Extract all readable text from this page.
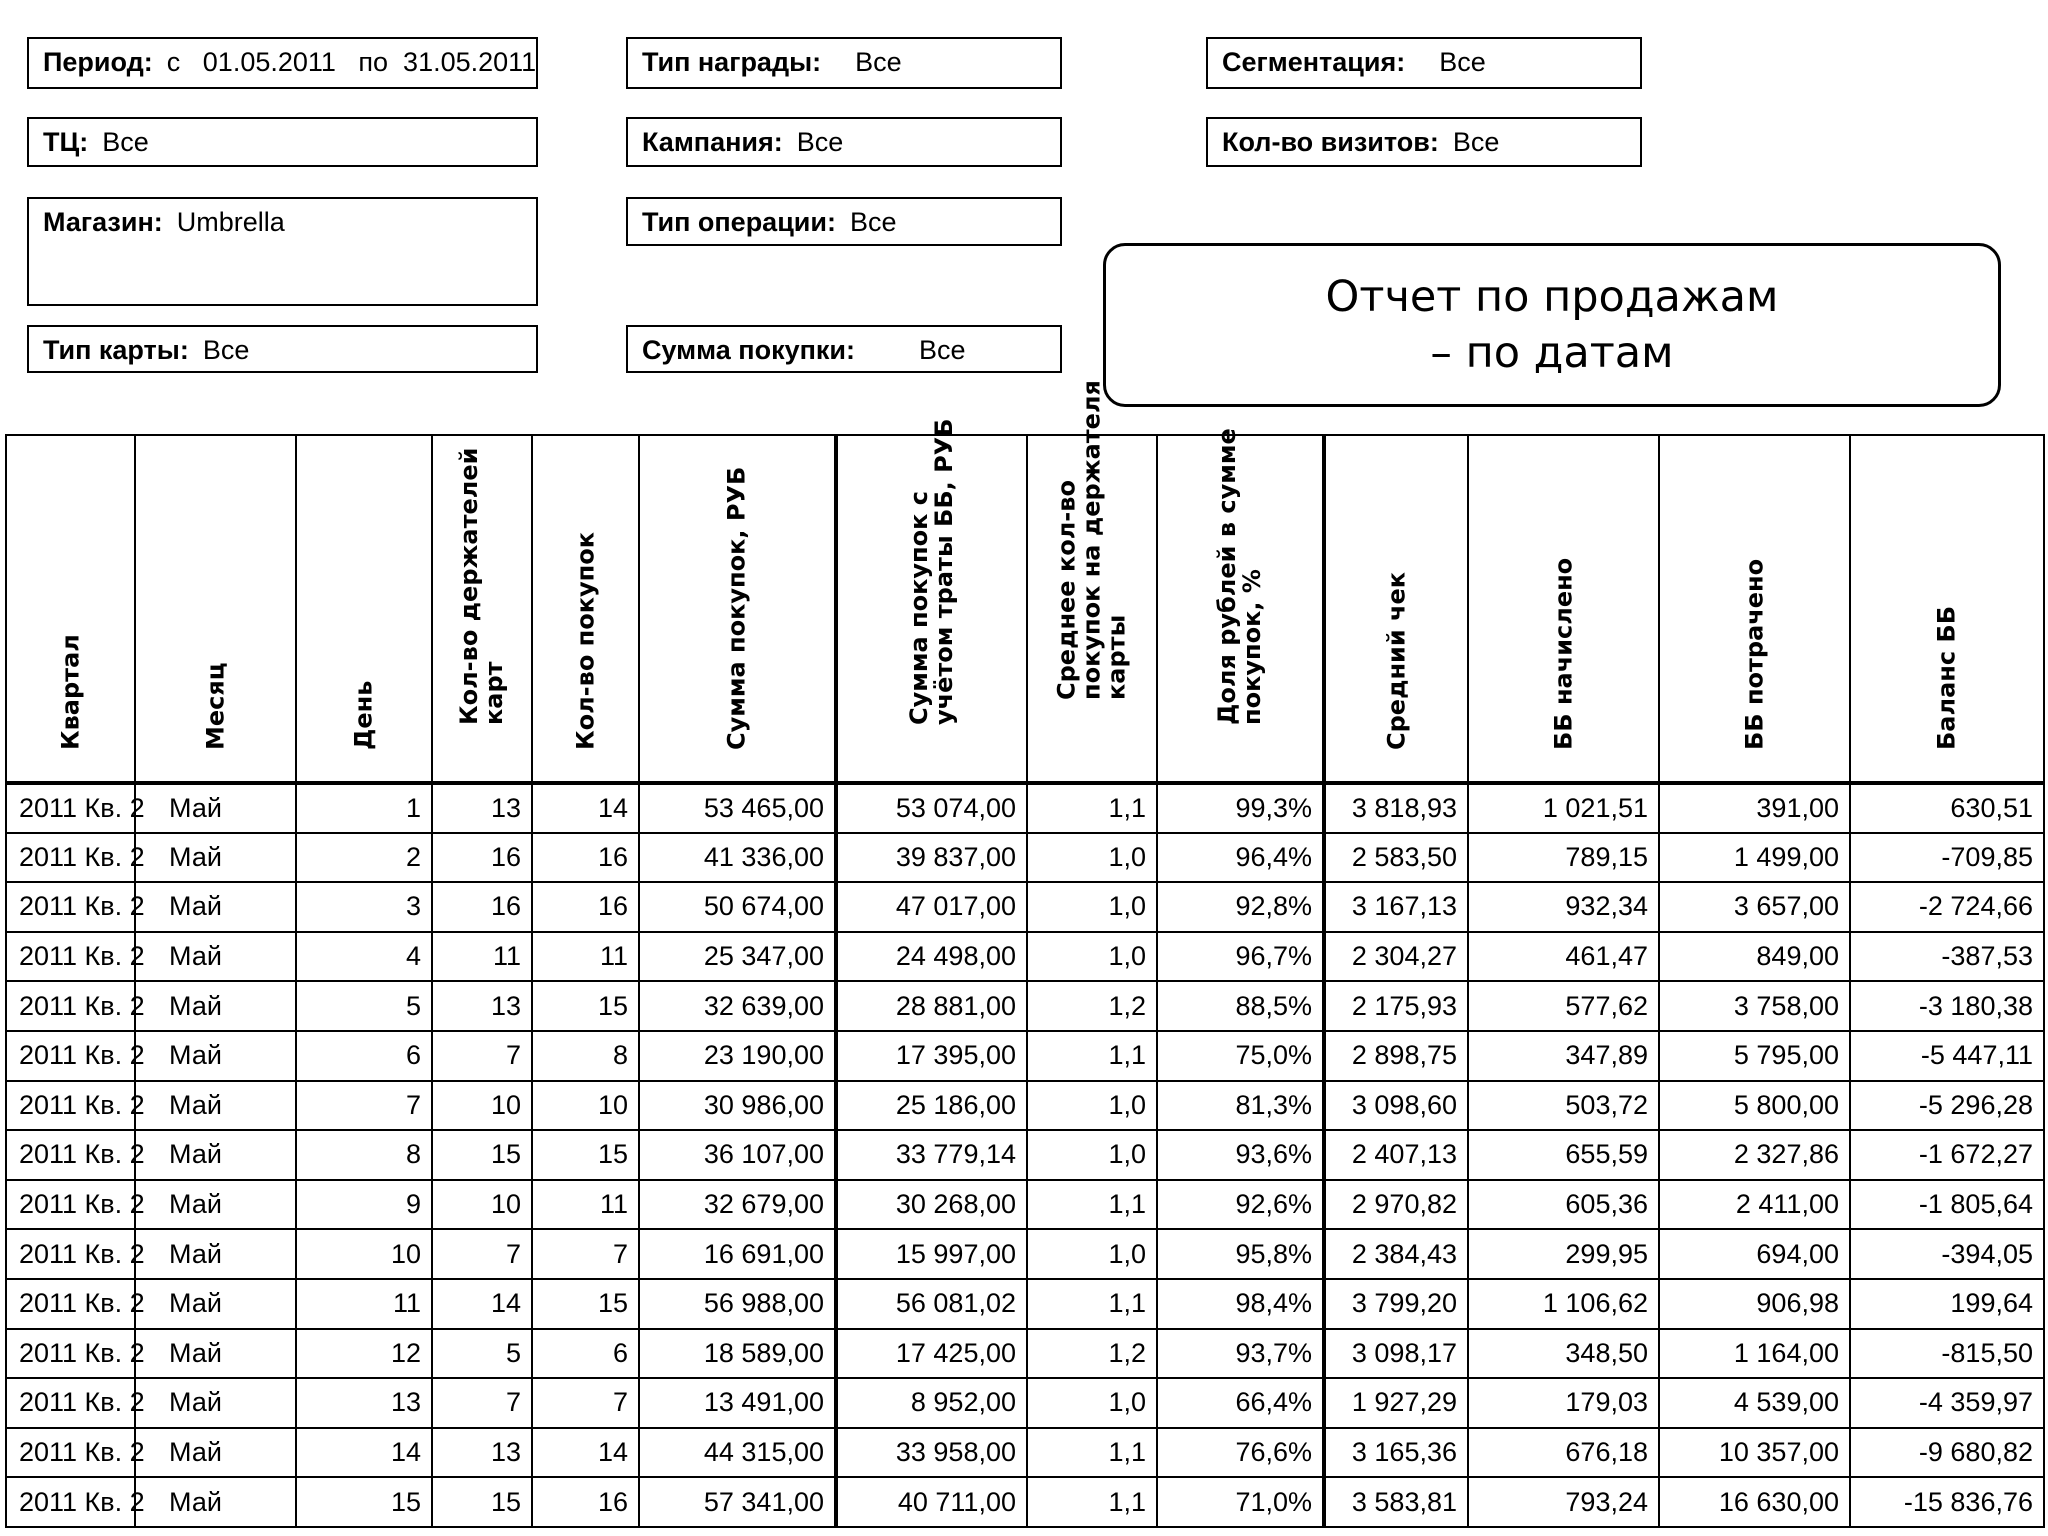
Период: с   01.05.2011   по  31.05.2011
ТЦ: Все
Магазин: Umbrella
Тип карты: Все
Тип награды: Все
Кампания: Все
Тип операции: Все
Сумма покупки: Все
Сегментация: Все
Кол-во визитов: Все
Отчет по продажам
– по датам
Квартал	Месяц	День	Кол-во держателей карт	Кол-во покупок	Сумма покупок, РУБ	Сумма покупок с учётом траты ББ, РУБ	Среднее кол-во покупок на держателя карты	Доля рублей в сумме покупок, %	Средний чек	ББ начислено	ББ потрачено	Баланс ББ

2011 Кв. 2	Май	1	13	14	53 465,00	53 074,00	1,1	99,3%	3 818,93	1 021,51	391,00	630,51
2011 Кв. 2	Май	2	16	16	41 336,00	39 837,00	1,0	96,4%	2 583,50	789,15	1 499,00	-709,85
2011 Кв. 2	Май	3	16	16	50 674,00	47 017,00	1,0	92,8%	3 167,13	932,34	3 657,00	-2 724,66
2011 Кв. 2	Май	4	11	11	25 347,00	24 498,00	1,0	96,7%	2 304,27	461,47	849,00	-387,53
2011 Кв. 2	Май	5	13	15	32 639,00	28 881,00	1,2	88,5%	2 175,93	577,62	3 758,00	-3 180,38
2011 Кв. 2	Май	6	7	8	23 190,00	17 395,00	1,1	75,0%	2 898,75	347,89	5 795,00	-5 447,11
2011 Кв. 2	Май	7	10	10	30 986,00	25 186,00	1,0	81,3%	3 098,60	503,72	5 800,00	-5 296,28
2011 Кв. 2	Май	8	15	15	36 107,00	33 779,14	1,0	93,6%	2 407,13	655,59	2 327,86	-1 672,27
2011 Кв. 2	Май	9	10	11	32 679,00	30 268,00	1,1	92,6%	2 970,82	605,36	2 411,00	-1 805,64
2011 Кв. 2	Май	10	7	7	16 691,00	15 997,00	1,0	95,8%	2 384,43	299,95	694,00	-394,05
2011 Кв. 2	Май	11	14	15	56 988,00	56 081,02	1,1	98,4%	3 799,20	1 106,62	906,98	199,64
2011 Кв. 2	Май	12	5	6	18 589,00	17 425,00	1,2	93,7%	3 098,17	348,50	1 164,00	-815,50
2011 Кв. 2	Май	13	7	7	13 491,00	8 952,00	1,0	66,4%	1 927,29	179,03	4 539,00	-4 359,97
2011 Кв. 2	Май	14	13	14	44 315,00	33 958,00	1,1	76,6%	3 165,36	676,18	10 357,00	-9 680,82
2011 Кв. 2	Май	15	15	16	57 341,00	40 711,00	1,1	71,0%	3 583,81	793,24	16 630,00	-15 836,76
